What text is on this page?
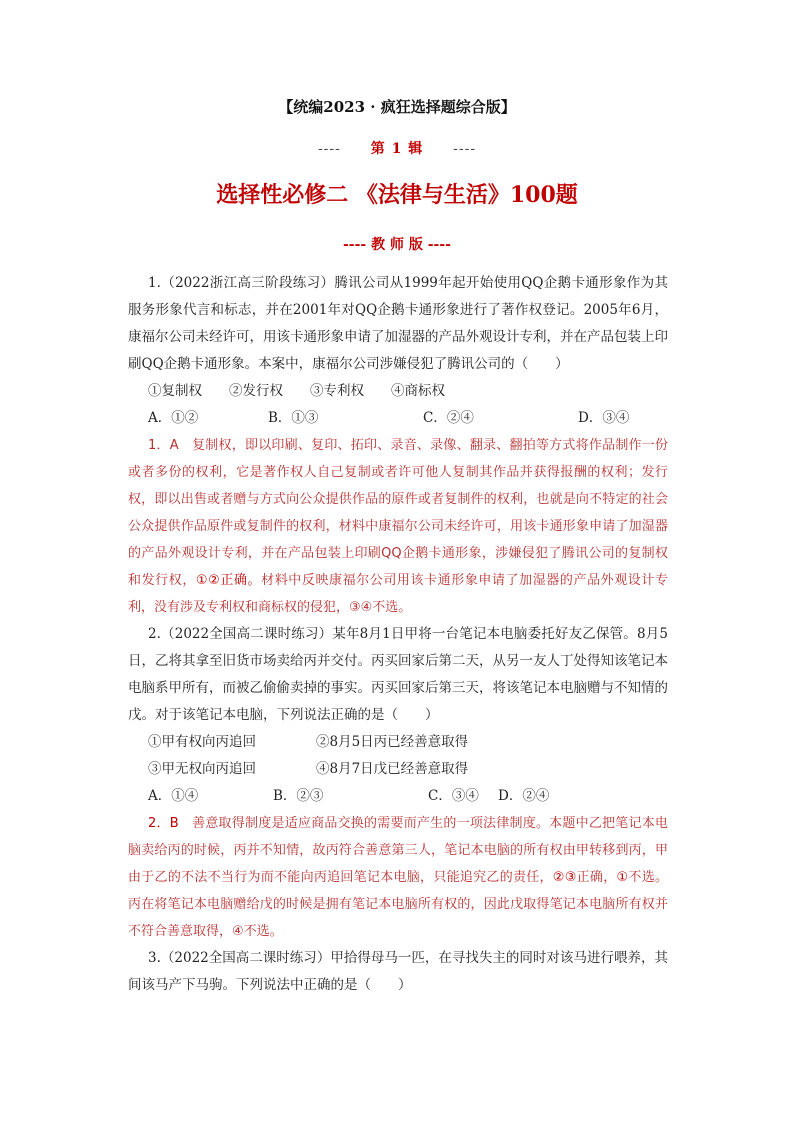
【统编2023 · 疯狂选择题综合版】
---- 第 1 辑 ----
选择性必修二 《法律与生活》100题
---- 教 师 版 ----

1.（2022浙江高三阶段练习）腾讯公司从1999年起开始使用QQ企鹅卡通形象作为其服务形象代言和标志，并在2001年对QQ企鹅卡通形象进行了著作权登记。2005年6月，康福尔公司未经许可，用该卡通形象申请了加湿器的产品外观设计专利，并在产品包装上印刷QQ企鹅卡通形象。本案中，康福尔公司涉嫌侵犯了腾讯公司的（　　）

①复制权　　②发行权　　③专利权　　④商标权

A．①②	B．①③	C．②④	D．③④

1．A　复制权，即以印刷、复印、拓印、录音、录像、翻录、翻拍等方式将作品制作一份或者多份的权利，它是著作权人自己复制或者许可他人复制其作品并获得报酬的权利；发行权，即以出售或者赠与方式向公众提供作品的原件或者复制件的权利，也就是向不特定的社会公众提供作品原件或复制件的权利，材料中康福尔公司未经许可，用该卡通形象申请了加湿器的产品外观设计专利，并在产品包装上印刷QQ企鹅卡通形象，涉嫌侵犯了腾讯公司的复制权和发行权，①②正确。材料中反映康福尔公司用该卡通形象申请了加湿器的产品外观设计专利，没有涉及专利权和商标权的侵犯，③④不选。

2.（2022全国高二课时练习）某年8月1日甲将一台笔记本电脑委托好友乙保管。8月5日，乙将其拿至旧货市场卖给丙并交付。丙买回家后第二天，从另一友人丁处得知该笔记本电脑系甲所有，而被乙偷偷卖掉的事实。丙买回家后第三天，将该笔记本电脑赠与不知情的戊。对于该笔记本电脑，下列说法正确的是（　　）

①甲有权向丙追回	②8月5日丙已经善意取得
③甲无权向丙追回	④8月7日戊已经善意取得
A．①④	B．②③	C．③④	D．②④

2．B　 善意取得制度是适应商品交换的需要而产生的一项法律制度。本题中乙把笔记本电脑卖给丙的时候，丙并不知情，故丙符合善意第三人，笔记本电脑的所有权由甲转移到丙，甲由于乙的不法不当行为而不能向丙追回笔记本电脑，只能追究乙的责任，②③正确，①不选。丙在将笔记本电脑赠给戊的时候是拥有笔记本电脑所有权的，因此戊取得笔记本电脑所有权并不符合善意取得，④不选。

3.（2022全国高二课时练习）甲拾得母马一匹，在寻找失主的同时对该马进行喂养，其间该马产下马驹。下列说法中正确的是（　　）
